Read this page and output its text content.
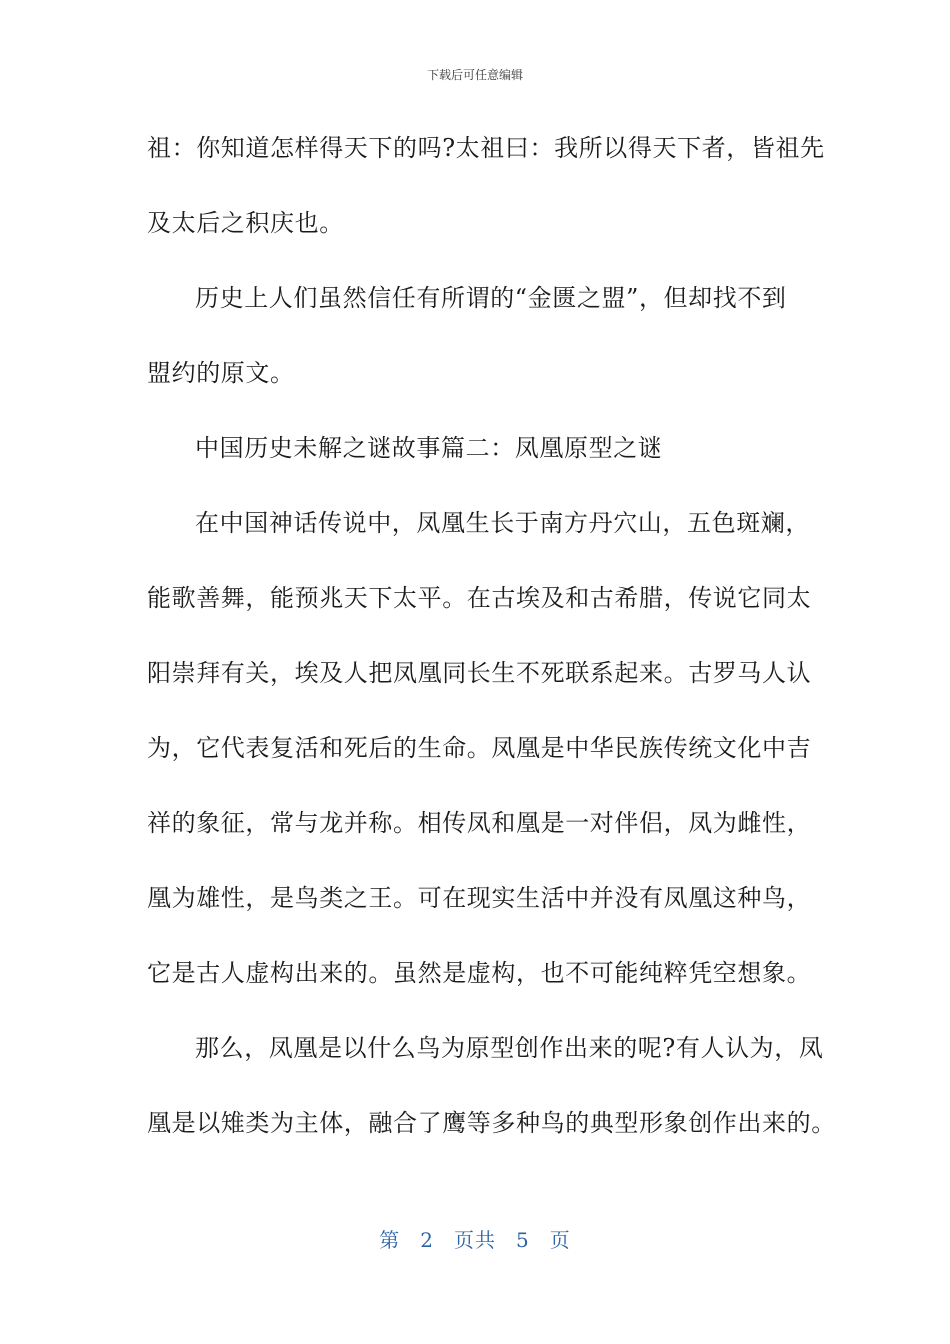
下载后可任意编辑
祖：你知道怎样得天下的吗?太祖曰：我所以得天下者，皆祖先
及太后之积庆也。
历史上人们虽然信任有所谓的“金匮之盟”，但却找不到
盟约的原文。
中国历史未解之谜故事篇二：凤凰原型之谜
在中国神话传说中，凤凰生长于南方丹穴山，五色斑斓，
能歌善舞，能预兆天下太平。在古埃及和古希腊，传说它同太
阳崇拜有关，埃及人把凤凰同长生不死联系起来。古罗马人认
为，它代表复活和死后的生命。凤凰是中华民族传统文化中吉
祥的象征，常与龙并称。相传凤和凰是一对伴侣，凤为雌性，
凰为雄性，是鸟类之王。可在现实生活中并没有凤凰这种鸟，
它是古人虚构出来的。虽然是虚构，也不可能纯粹凭空想象。
那么，凤凰是以什么鸟为原型创作出来的呢?有人认为，凤
凰是以雉类为主体，融合了鹰等多种鸟的典型形象创作出来的。
第 2 页共 5 页
